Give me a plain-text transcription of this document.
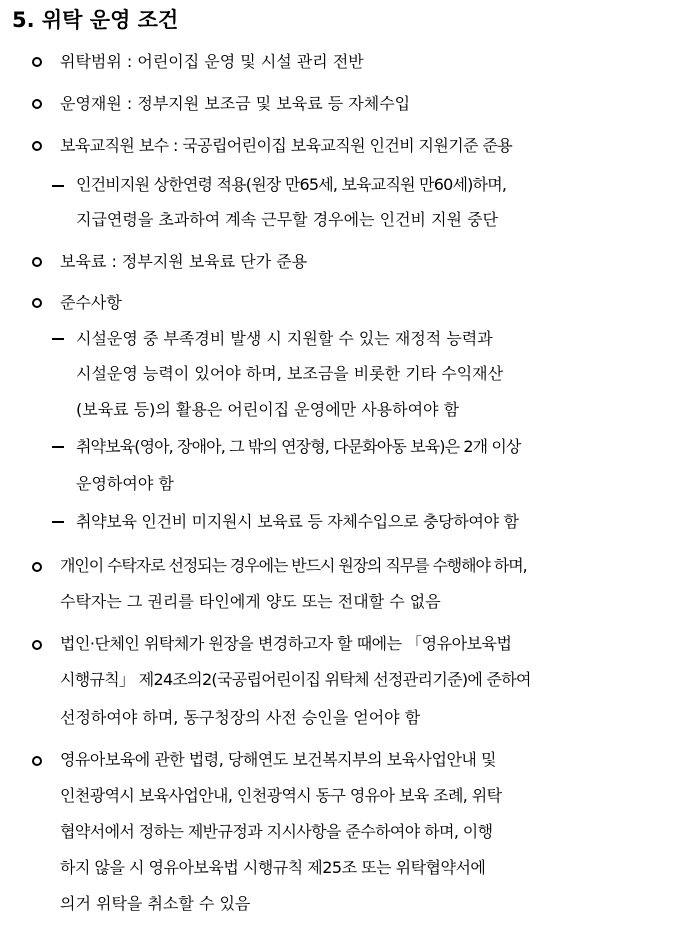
5. 위탁 운영 조건
위탁범위 : 어린이집 운영 및 시설 관리 전반
운영재원 : 정부지원 보조금 및 보육료 등 자체수입
보육교직원 보수 : 국공립어린이집 보육교직원 인건비 지원기준 준용
인건비지원 상한연령 적용(원장 만65세, 보육교직원 만60세)하며,
지급연령을 초과하여 계속 근무할 경우에는 인건비 지원 중단
보육료 : 정부지원 보육료 단가 준용
준수사항
시설운영 중 부족경비 발생 시 지원할 수 있는 재정적 능력과
시설운영 능력이 있어야 하며, 보조금을 비롯한 기타 수익재산
(보육료 등)의 활용은 어린이집 운영에만 사용하여야 함
취약보육(영아, 장애아, 그 밖의 연장형, 다문화아동 보육)은 2개 이상
운영하여야 함
취약보육 인건비 미지원시 보육료 등 자체수입으로 충당하여야 함
개인이 수탁자로 선정되는 경우에는 반드시 원장의 직무를 수행해야 하며,
수탁자는 그 권리를 타인에게 양도 또는 전대할 수 없음
법인·단체인 위탁체가 원장을 변경하고자 할 때에는 「영유아보육법
시행규칙」 제24조의2(국공립어린이집 위탁체 선정관리기준)에 준하여
선정하여야 하며, 동구청장의 사전 승인을 얻어야 함
영유아보육에 관한 법령, 당해연도 보건복지부의 보육사업안내 및
인천광역시 보육사업안내, 인천광역시 동구 영유아 보육 조례, 위탁
협약서에서 정하는 제반규정과 지시사항을 준수하여야 하며, 이행
하지 않을 시 영유아보육법 시행규칙 제25조 또는 위탁협약서에
의거 위탁을 취소할 수 있음
